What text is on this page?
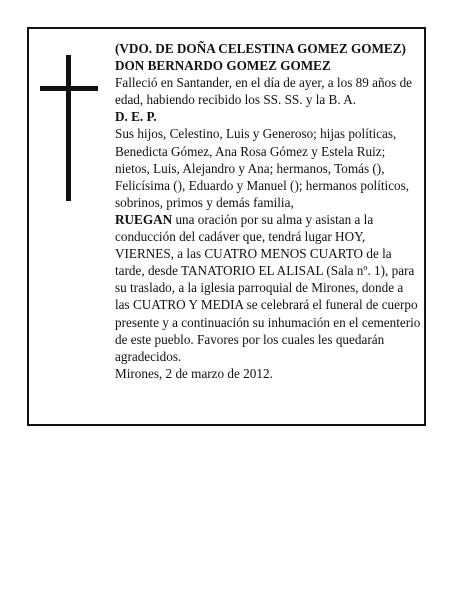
(VDO. DE DOÑA CELESTINA GOMEZ GOMEZ)

DON BERNARDO GOMEZ GOMEZ

Falleció en Santander, en el día de ayer, a los 89 años de edad, habiendo recibido los SS. SS. y la B. A.

D. E. P.

Sus hijos, Celestino, Luis y Generoso; hijas políticas, Benedicta Gómez, Ana Rosa Gómez y Estela Ruiz; nietos, Luis, Alejandro y Ana; hermanos, Tomás (), Felicísima (), Eduardo y Manuel (); hermanos políticos, sobrinos, primos y demás familia,

RUEGAN una oración por su alma y asistan a la conducción del cadáver que, tendrá lugar HOY, VIERNES, a las CUATRO MENOS CUARTO de la tarde, desde TANATORIO EL ALISAL (Sala nº. 1), para su traslado, a la iglesia parroquial de Mirones, donde a las CUATRO Y MEDIA se celebrará el funeral de cuerpo presente y a continuación su inhumación en el cementerio de este pueblo. Favores por los cuales les quedarán agradecidos.

Mirones, 2 de marzo de 2012.
